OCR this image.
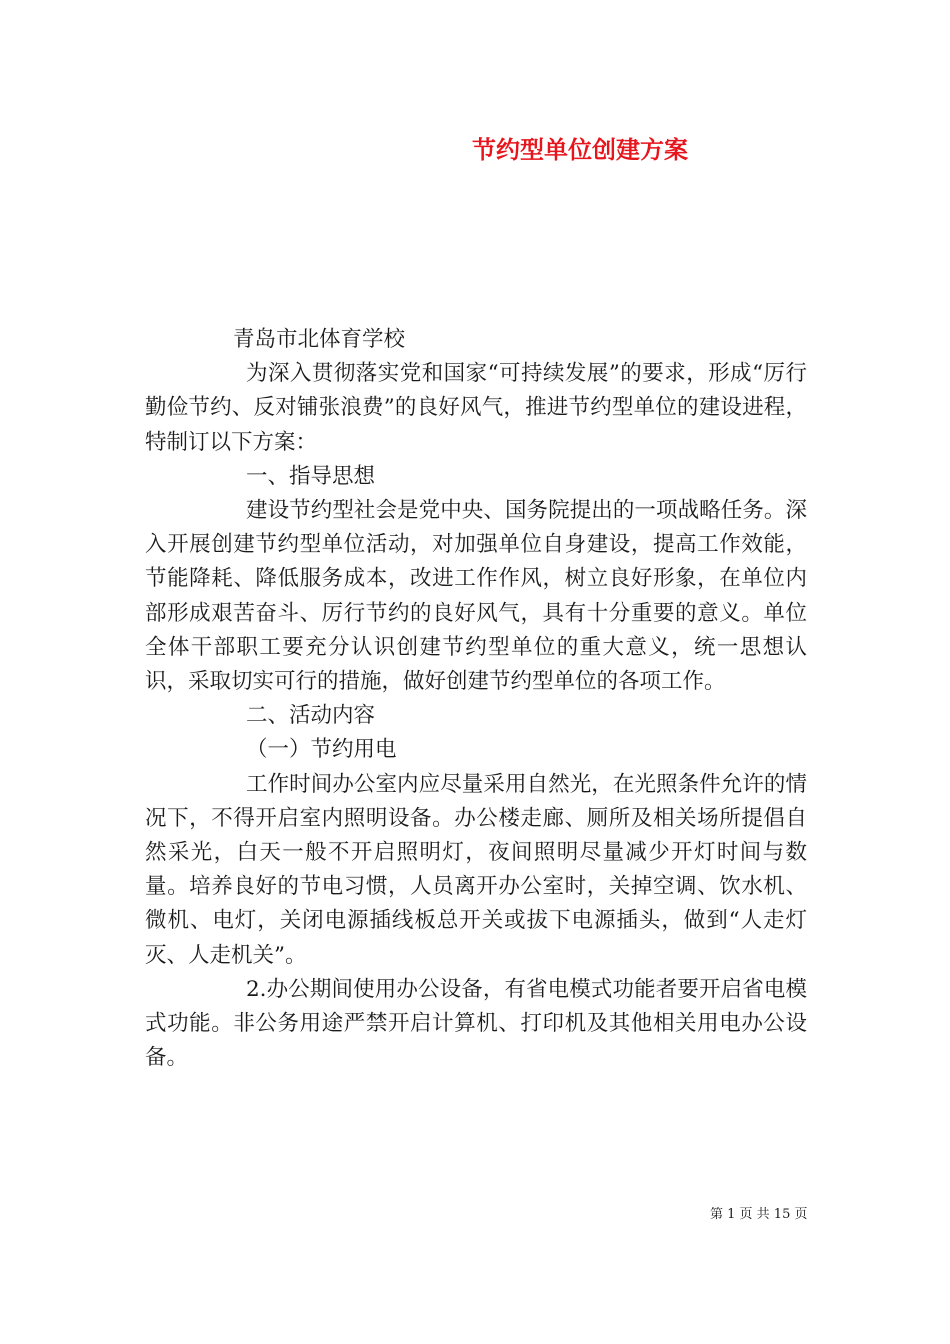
节约型单位创建方案

青岛市北体育学校

为深入贯彻落实党和国家“可持续发展”的要求，形成“厉行勤俭节约、反对铺张浪费”的良好风气，推进节约型单位的建设进程，特制订以下方案：

一、指导思想

建设节约型社会是党中央、国务院提出的一项战略任务。深入开展创建节约型单位活动，对加强单位自身建设，提高工作效能，节能降耗、降低服务成本，改进工作作风，树立良好形象，在单位内部形成艰苦奋斗、厉行节约的良好风气，具有十分重要的意义。单位全体干部职工要充分认识创建节约型单位的重大意义，统一思想认识，采取切实可行的措施，做好创建节约型单位的各项工作。

二、活动内容

（一）节约用电

工作时间办公室内应尽量采用自然光，在光照条件允许的情况下，不得开启室内照明设备。办公楼走廊、厕所及相关场所提倡自然采光，白天一般不开启照明灯，夜间照明尽量减少开灯时间与数量。培养良好的节电习惯，人员离开办公室时，关掉空调、饮水机、微机、电灯，关闭电源插线板总开关或拔下电源插头，做到“人走灯灭、人走机关”。

2.办公期间使用办公设备，有省电模式功能者要开启省电模式功能。非公务用途严禁开启计算机、打印机及其他相关用电办公设备。

第 1 页 共 15 页
